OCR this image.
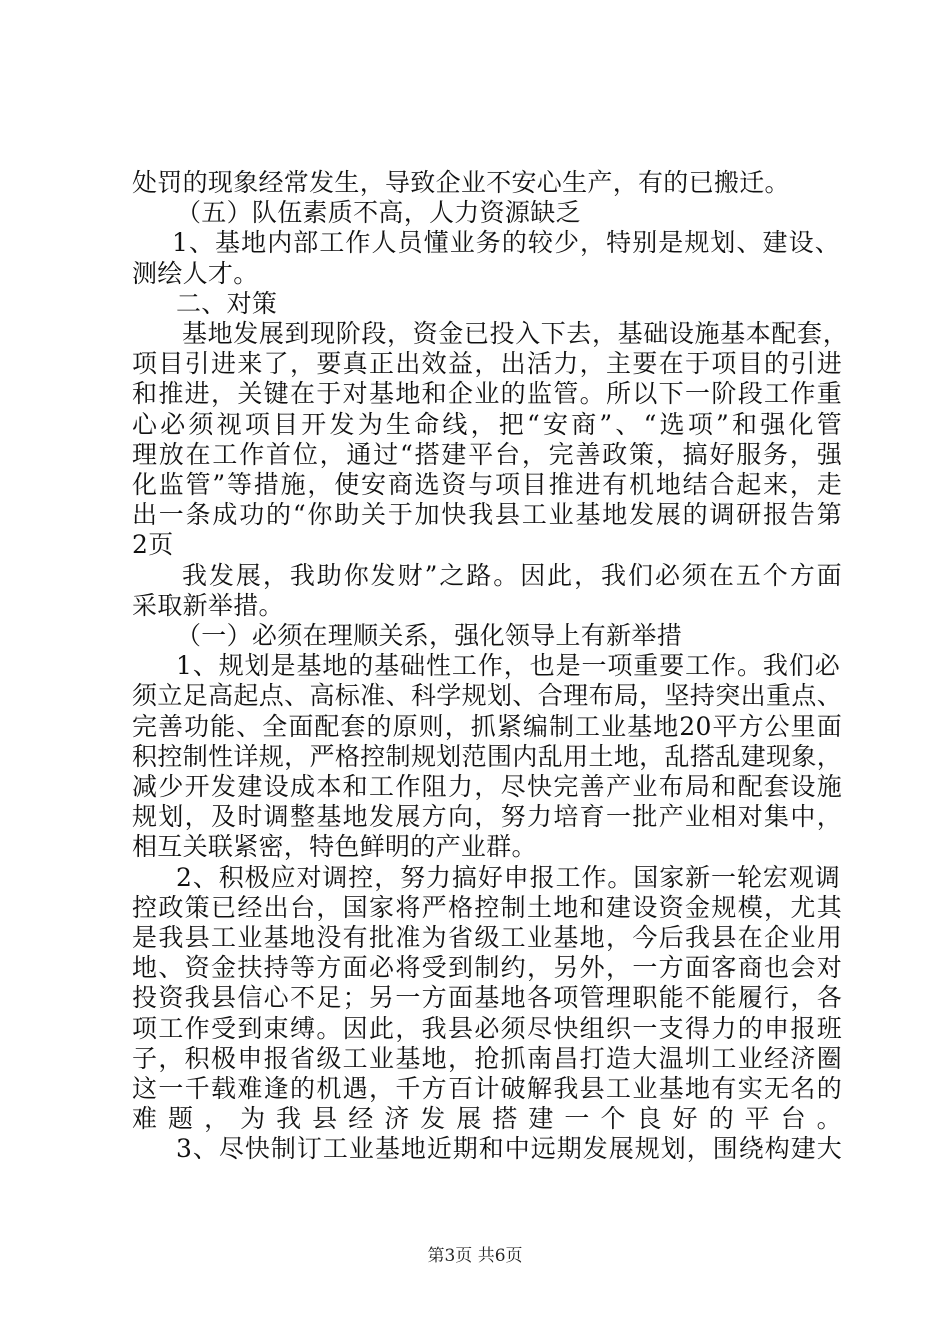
处罚的现象经常发生，导致企业不安心生产，有的已搬迁。
（五）队伍素质不高，人力资源缺乏
1、基地内部工作人员懂业务的较少，特别是规划、建设、
测绘人才。
二、对策
基地发展到现阶段，资金已投入下去，基础设施基本配套，
项目引进来了，要真正出效益，出活力，主要在于项目的引进
和推进，关键在于对基地和企业的监管。所以下一阶段工作重
心必须视项目开发为生命线，把“安商”、“选项”和强化管
理放在工作首位，通过“搭建平台，完善政策，搞好服务，强
化监管”等措施，使安商选资与项目推进有机地结合起来，走
出一条成功的“你助关于加快我县工业基地发展的调研报告第
2页
我发展，我助你发财”之路。因此，我们必须在五个方面
采取新举措。
（一）必须在理顺关系，强化领导上有新举措
1、规划是基地的基础性工作，也是一项重要工作。我们必
须立足高起点、高标准、科学规划、合理布局，坚持突出重点、
完善功能、全面配套的原则，抓紧编制工业基地20平方公里面
积控制性详规，严格控制规划范围内乱用土地，乱搭乱建现象，
减少开发建设成本和工作阻力，尽快完善产业布局和配套设施
规划，及时调整基地发展方向，努力培育一批产业相对集中，
相互关联紧密，特色鲜明的产业群。
2、积极应对调控，努力搞好申报工作。国家新一轮宏观调
控政策已经出台，国家将严格控制土地和建设资金规模，尤其
是我县工业基地没有批准为省级工业基地，今后我县在企业用
地、资金扶持等方面必将受到制约，另外，一方面客商也会对
投资我县信心不足；另一方面基地各项管理职能不能履行，各
项工作受到束缚。因此，我县必须尽快组织一支得力的申报班
子，积极申报省级工业基地，抢抓南昌打造大温圳工业经济圈
这一千载难逢的机遇，千方百计破解我县工业基地有实无名的
难题，为我县经济发展搭建一个良好的平台。
3、尽快制订工业基地近期和中远期发展规划，围绕构建大
第3页 共6页
